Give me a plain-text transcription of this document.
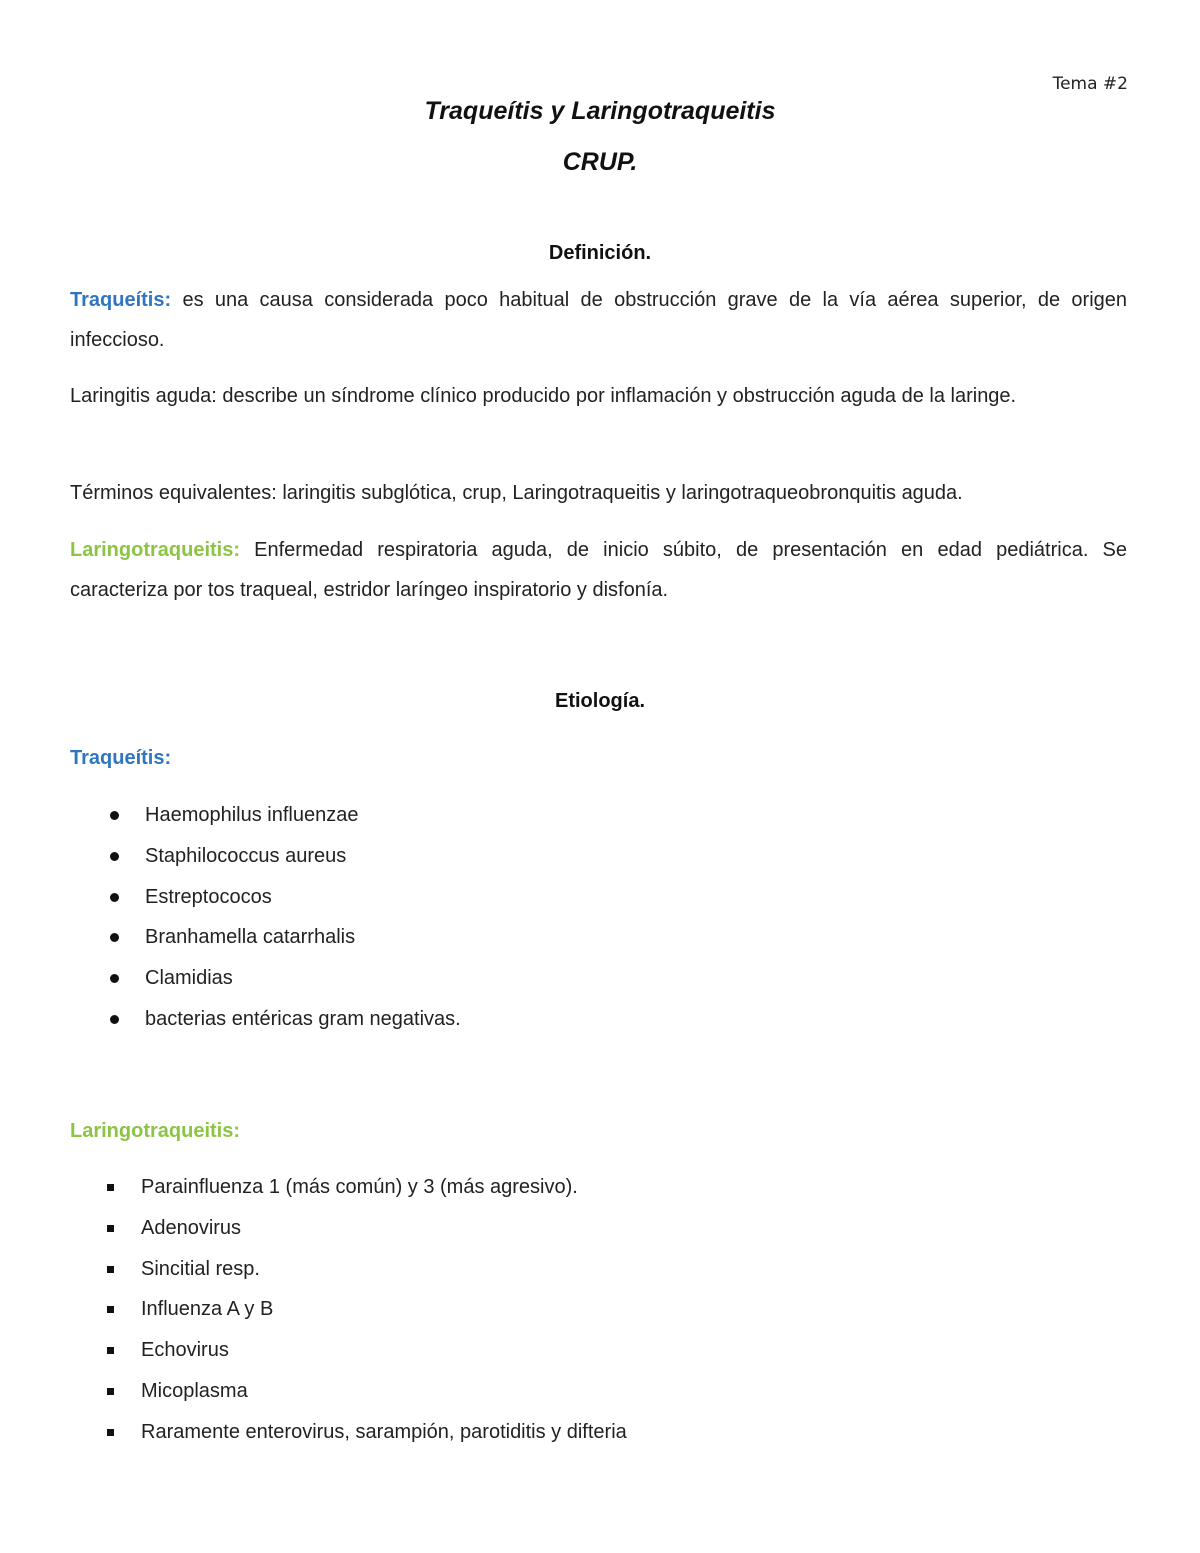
Tema #2
Traqueítis y Laringotraqueitis
CRUP.
Definición.
Traqueítis: es una causa considerada poco habitual de obstrucción grave de la vía aérea superior, de origen infeccioso.
Laringitis aguda: describe un síndrome clínico producido por inflamación y obstrucción aguda de la laringe.
Términos equivalentes: laringitis subglótica, crup, Laringotraqueitis y laringotraqueobronquitis aguda.
Laringotraqueitis: Enfermedad respiratoria aguda, de inicio súbito, de presentación en edad pediátrica. Se caracteriza por tos traqueal, estridor laríngeo inspiratorio y disfonía.
Etiología.
Traqueítis:
Haemophilus influenzae
Staphilococcus aureus
Estreptococos
Branhamella catarrhalis
Clamidias
bacterias entéricas gram negativas.
Laringotraqueitis:
Parainfluenza 1 (más común) y 3 (más agresivo).
Adenovirus
Sincitial resp.
Influenza A y B
Echovirus
Micoplasma
Raramente enterovirus, sarampión, parotiditis y difteria
